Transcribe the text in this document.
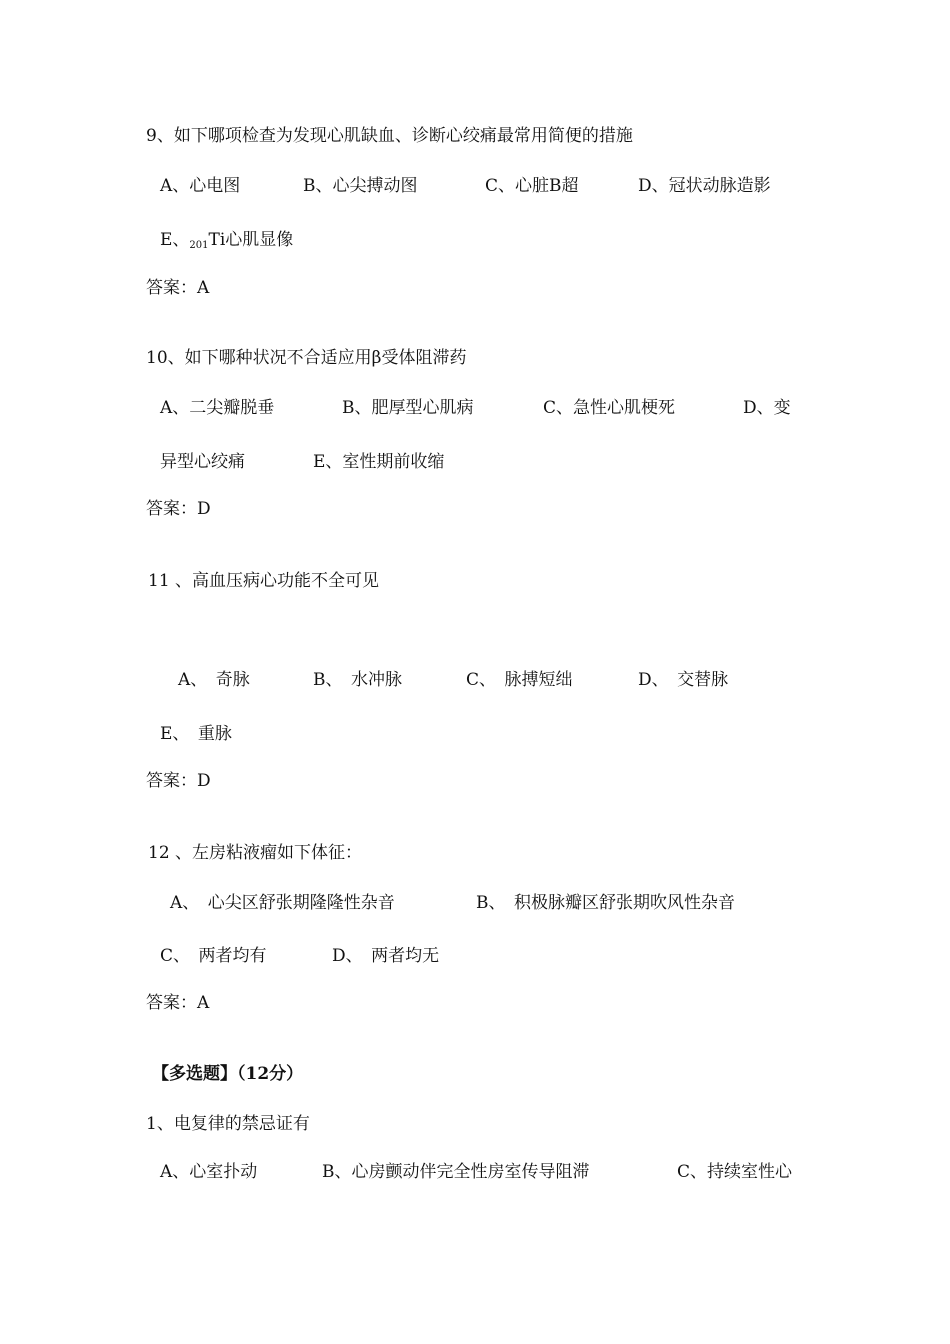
9、如下哪项检查为发现心肌缺血、诊断心绞痛最常用简便的措施
A、心电图	B、心尖搏动图	C、心脏B超	D、冠状动脉造影
E、$_{201}$Ti心肌显像
答案：A
10、如下哪种状况不合适应用β受体阻滞药
A、二尖瓣脱垂	B、肥厚型心肌病	C、急性心肌梗死	D、变
异型心绞痛	E、室性期前收缩
答案：D
11 、高血压病心功能不全可见
A、　奇脉	B、　水冲脉	C、　脉搏短绌	D、　交替脉
E、　重脉
答案：D
12 、左房粘液瘤如下体征：
A、　心尖区舒张期隆隆性杂音	B、　积极脉瓣区舒张期吹风性杂音
C、　两者均有	D、　两者均无
答案：A
【多选题】（12分）
1、电复律的禁忌证有
A、心室扑动	B、心房颤动伴完全性房室传导阻滞	C、持续室性心
